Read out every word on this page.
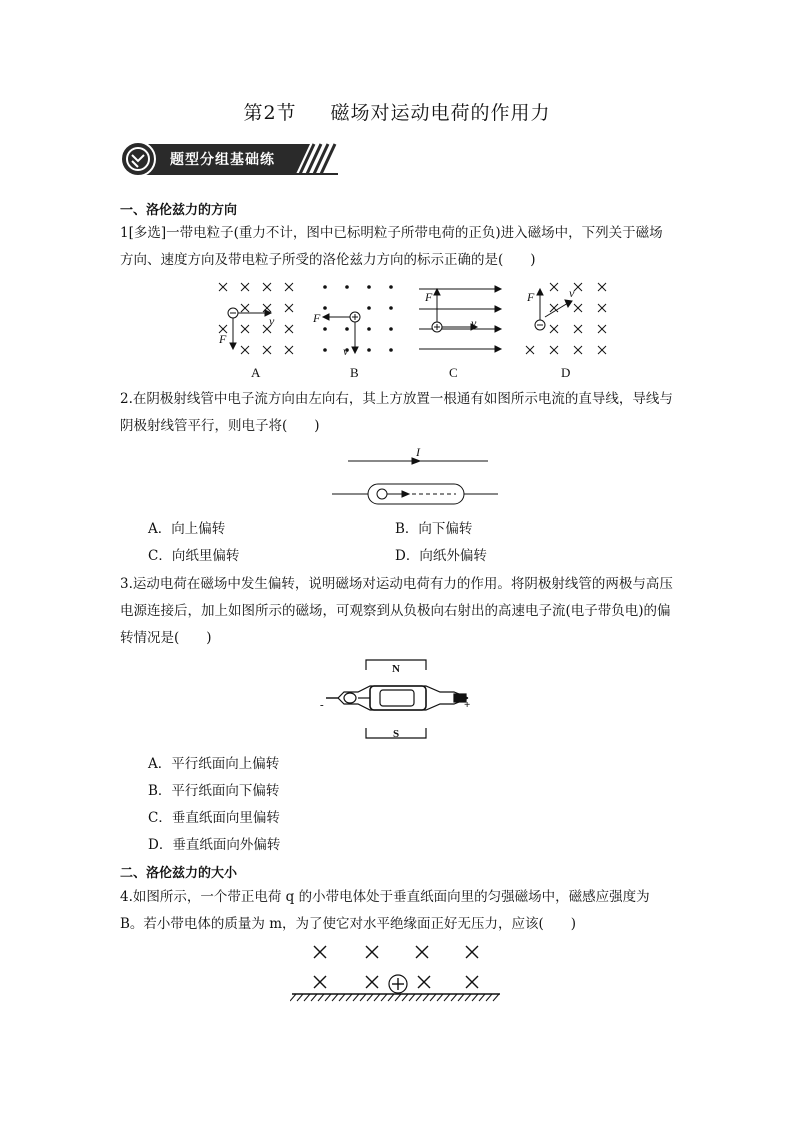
第2节 磁场对运动电荷的作用力
题型分组基础练
一、洛伦兹力的方向
1[多选]一带电粒子(重力不计，图中已标明粒子所带电荷的正负)进入磁场中，下列关于磁场方向、速度方向及带电粒子所受的洛伦兹力方向的标示正确的是(　　)
F
v	F
v
F
v
F	v
A	B	C	D
2.在阴极射线管中电子流方向由左向右，其上方放置一根通有如图所示电流的直导线，导线与阴极射线管平行，则电子将(　　)
I
A．向上偏转	B．向下偏转
C．向纸里偏转	D．向纸外偏转
3.运动电荷在磁场中发生偏转，说明磁场对运动电荷有力的作用。将阴极射线管的两极与高压电源连接后，加上如图所示的磁场，可观察到从负极向右射出的高速电子流(电子带负电)的偏转情况是(　　)
N
S
-	+
A．平行纸面向上偏转
B．平行纸面向下偏转
C．垂直纸面向里偏转
D．垂直纸面向外偏转
二、洛伦兹力的大小
4.如图所示，一个带正电荷 q 的小带电体处于垂直纸面向里的匀强磁场中，磁感应强度为 B。若小带电体的质量为 m，为了使它对水平绝缘面正好无压力，应该(　　)
